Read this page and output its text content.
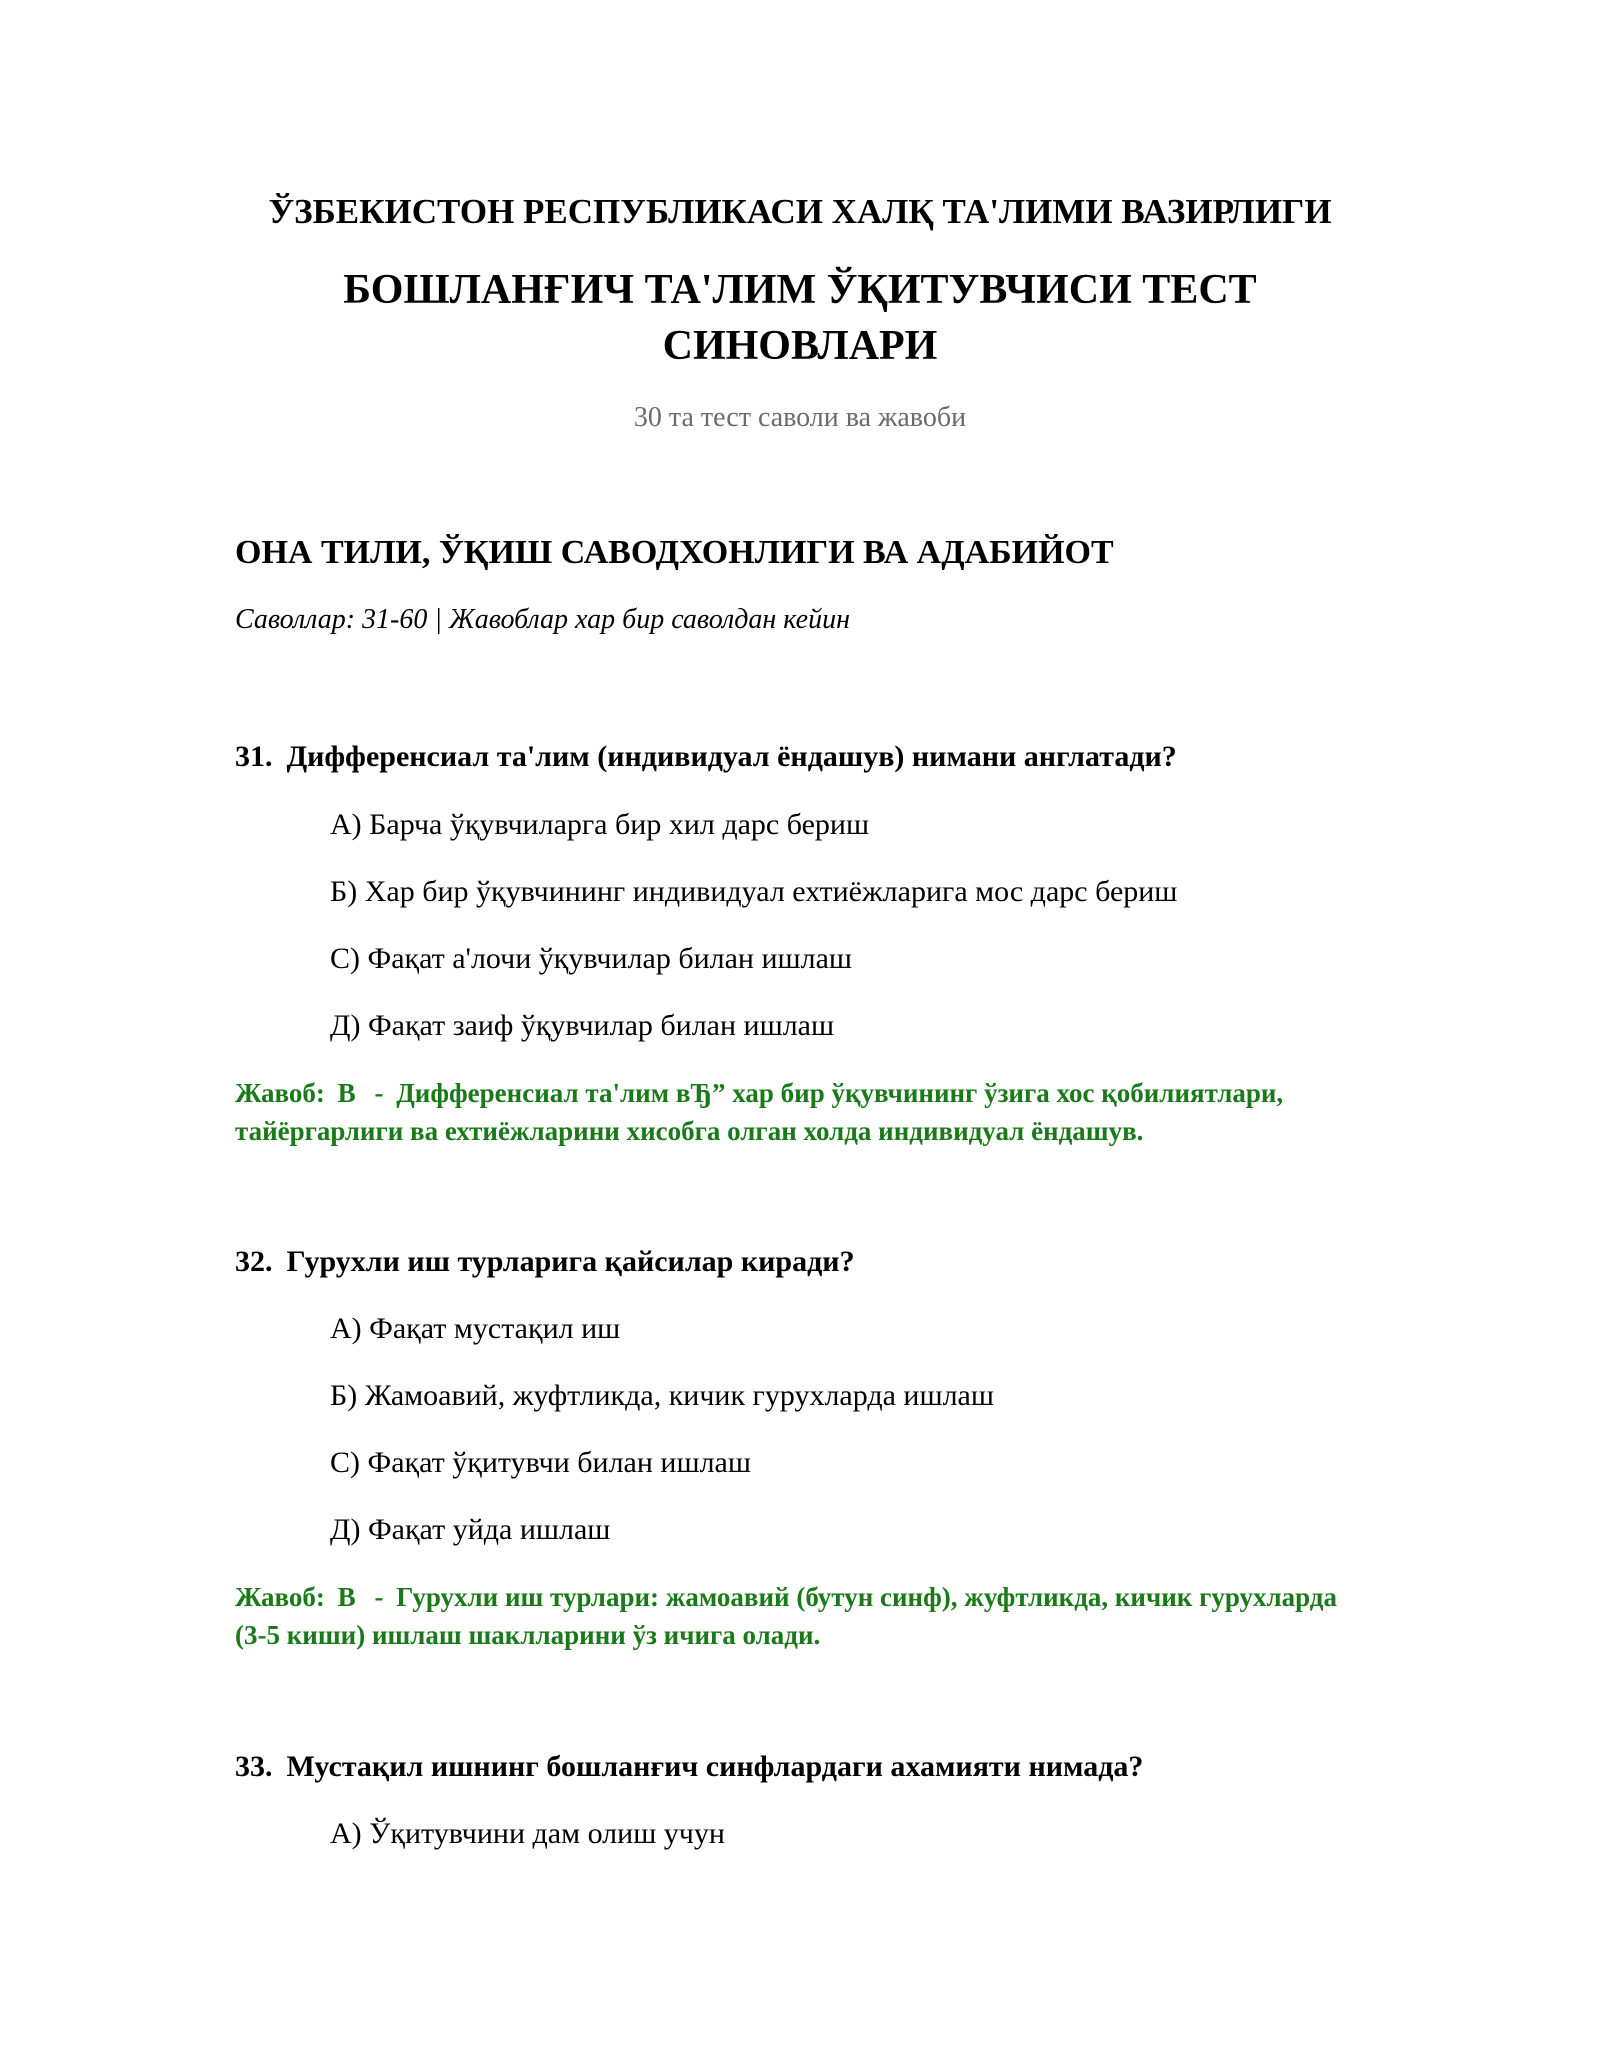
ЎЗБЕКИСТОН РЕСПУБЛИКАСИ ХАЛҚ ТА'ЛИМИ ВАЗИРЛИГИ
БОШЛАНҒИЧ ТА'ЛИМ ЎҚИТУВЧИСИ ТЕСТ СИНОВЛАРИ

30 та тест саволи ва жавоби

ОНА ТИЛИ, ЎҚИШ САВОДХОНЛИГИ ВА АДАБИЙОТ

Саволлар: 31-60 | Жавоблар хар бир саволдан кейин

31. Дифференсиал та'лим (индивидуал ёндашув) нимани англатади?

А) Барча ўқувчиларга бир хил дарс бериш

Б) Хар бир ўқувчининг индивидуал ехтиёжларига мос дарс бериш

С) Фақат а'лочи ўқувчилар билан ишлаш

Д) Фақат заиф ўқувчилар билан ишлаш

Жавоб: В - Дифференсиал та'лим вЂ” хар бир ўқувчининг ўзига хос қобилиятлари, тайёргарлиги ва ехтиёжларини хисобга олган холда индивидуал ёндашув.

32. Гурухли иш турларига қайсилар киради?

А) Фақат мустақил иш

Б) Жамоавий, жуфтликда, кичик гурухларда ишлаш

С) Фақат ўқитувчи билан ишлаш

Д) Фақат уйда ишлаш

Жавоб: В - Гурухли иш турлари: жамоавий (бутун синф), жуфтликда, кичик гурухларда (3-5 киши) ишлаш шаклларини ўз ичига олади.

33. Мустақил ишнинг бошланғич синфлардаги ахамияти нимада?

А) Ўқитувчини дам олиш учун
